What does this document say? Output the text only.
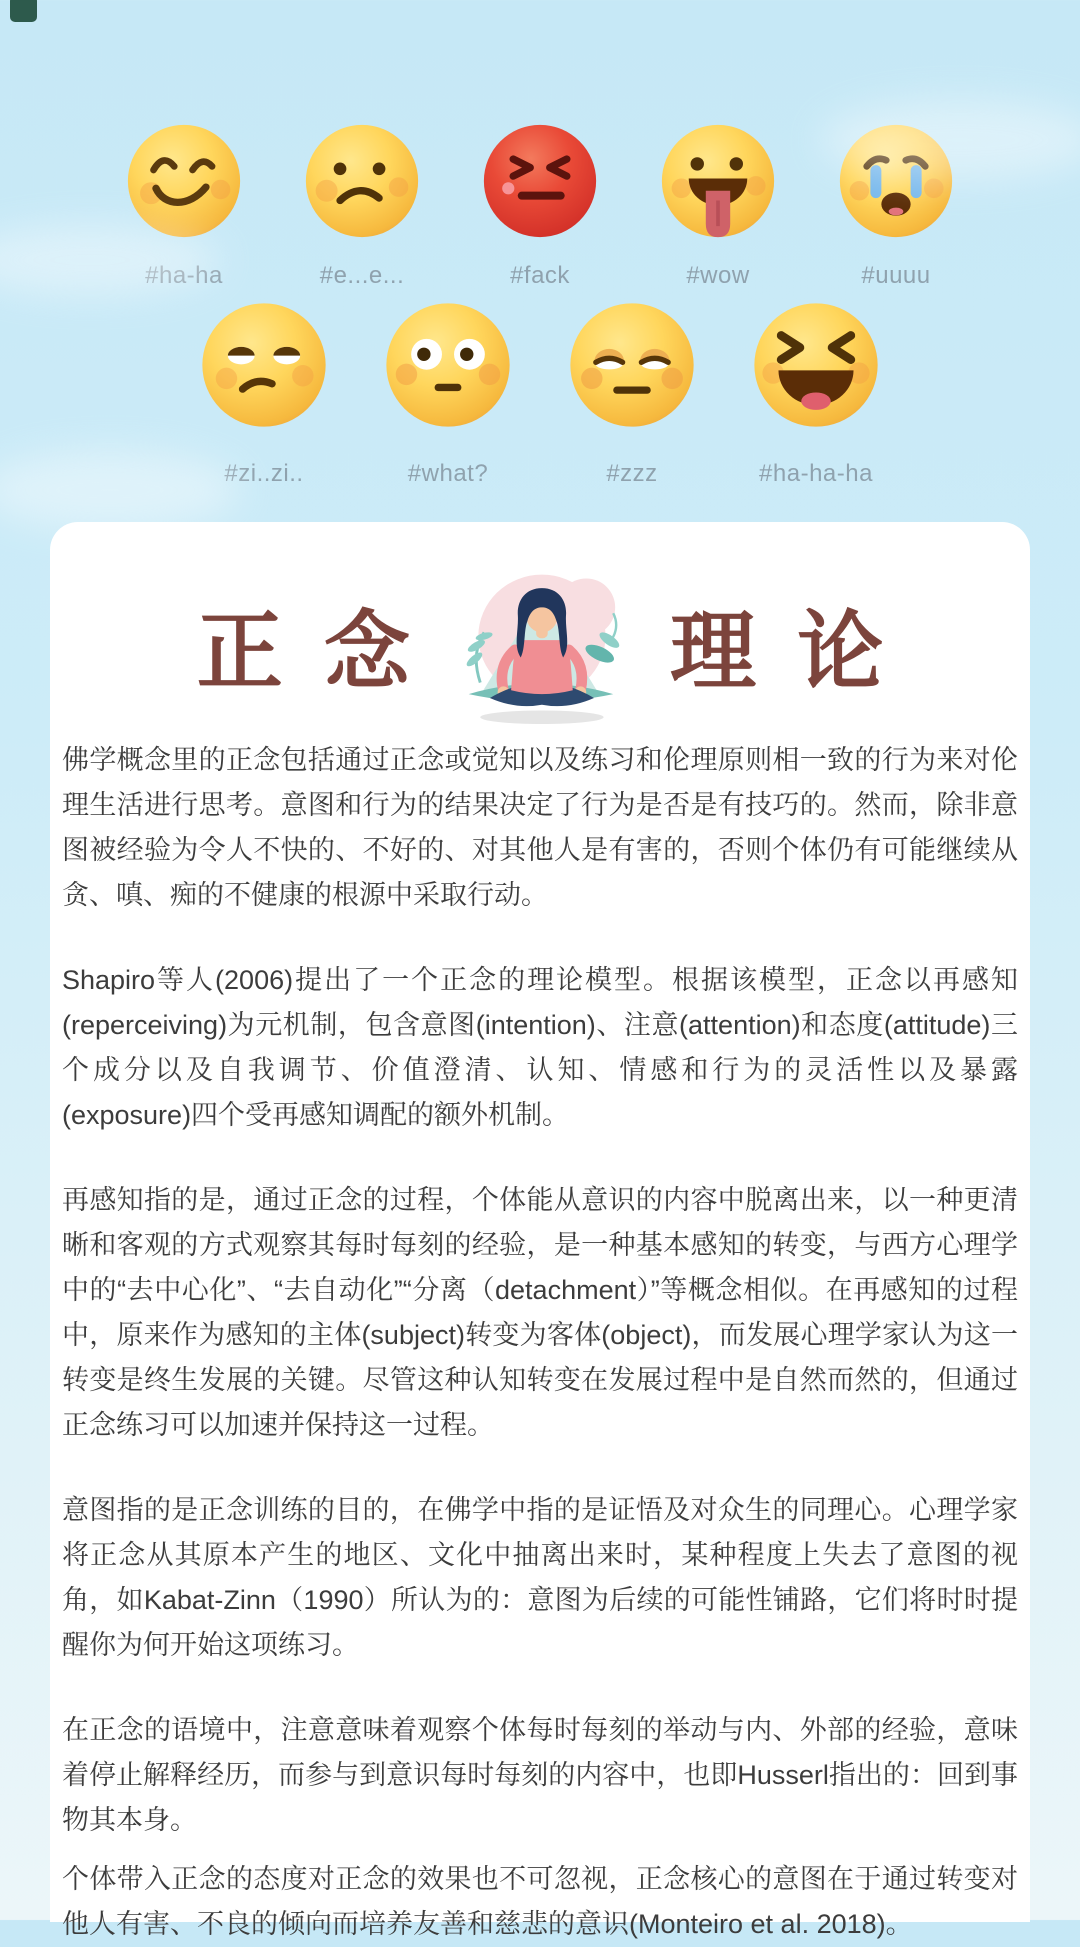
#ha-ha	#e...e...	#fack	#wow	#uuuu
#zi..zi..	#what?	#zzz	#ha-ha-ha
正念	理论

佛学概念里的正念包括通过正念或觉知以及练习和伦理原则相一致的行为来对伦理生活进行思考。意图和行为的结果决定了行为是否是有技巧的。然而，除非意图被经验为令人不快的、不好的、对其他人是有害的，否则个体仍有可能继续从贪、嗔、痴的不健康的根源中采取行动。

Shapiro等人(2006)提出了一个正念的理论模型。根据该模型，正念以再感知(reperceiving)为元机制，包含意图(intention)、注意(attention)和态度(attitude)三个成分以及自我调节、价值澄清、认知、情感和行为的灵活性以及暴露(exposure)四个受再感知调配的额外机制。

再感知指的是，通过正念的过程，个体能从意识的内容中脱离出来，以一种更清晰和客观的方式观察其每时每刻的经验，是一种基本感知的转变，与西方心理学中的“去中心化”、“去自动化”“分离（detachment）”等概念相似。在再感知的过程中，原来作为感知的主体(subject)转变为客体(object)，而发展心理学家认为这一转变是终生发展的关键。尽管这种认知转变在发展过程中是自然而然的，但通过正念练习可以加速并保持这一过程。

意图指的是正念训练的目的，在佛学中指的是证悟及对众生的同理心。心理学家将正念从其原本产生的地区、文化中抽离出来时，某种程度上失去了意图的视角，如Kabat-Zinn（1990）所认为的：意图为后续的可能性铺路，它们将时时提醒你为何开始这项练习。

在正念的语境中，注意意味着观察个体每时每刻的举动与内、外部的经验，意味着停止解释经历，而参与到意识每时每刻的内容中，也即Husserl指出的：回到事物其本身。

个体带入正念的态度对正念的效果也不可忽视，正念核心的意图在于通过转变对他人有害、不良的倾向而培养友善和慈悲的意识(Monteiro et al. 2018)。
